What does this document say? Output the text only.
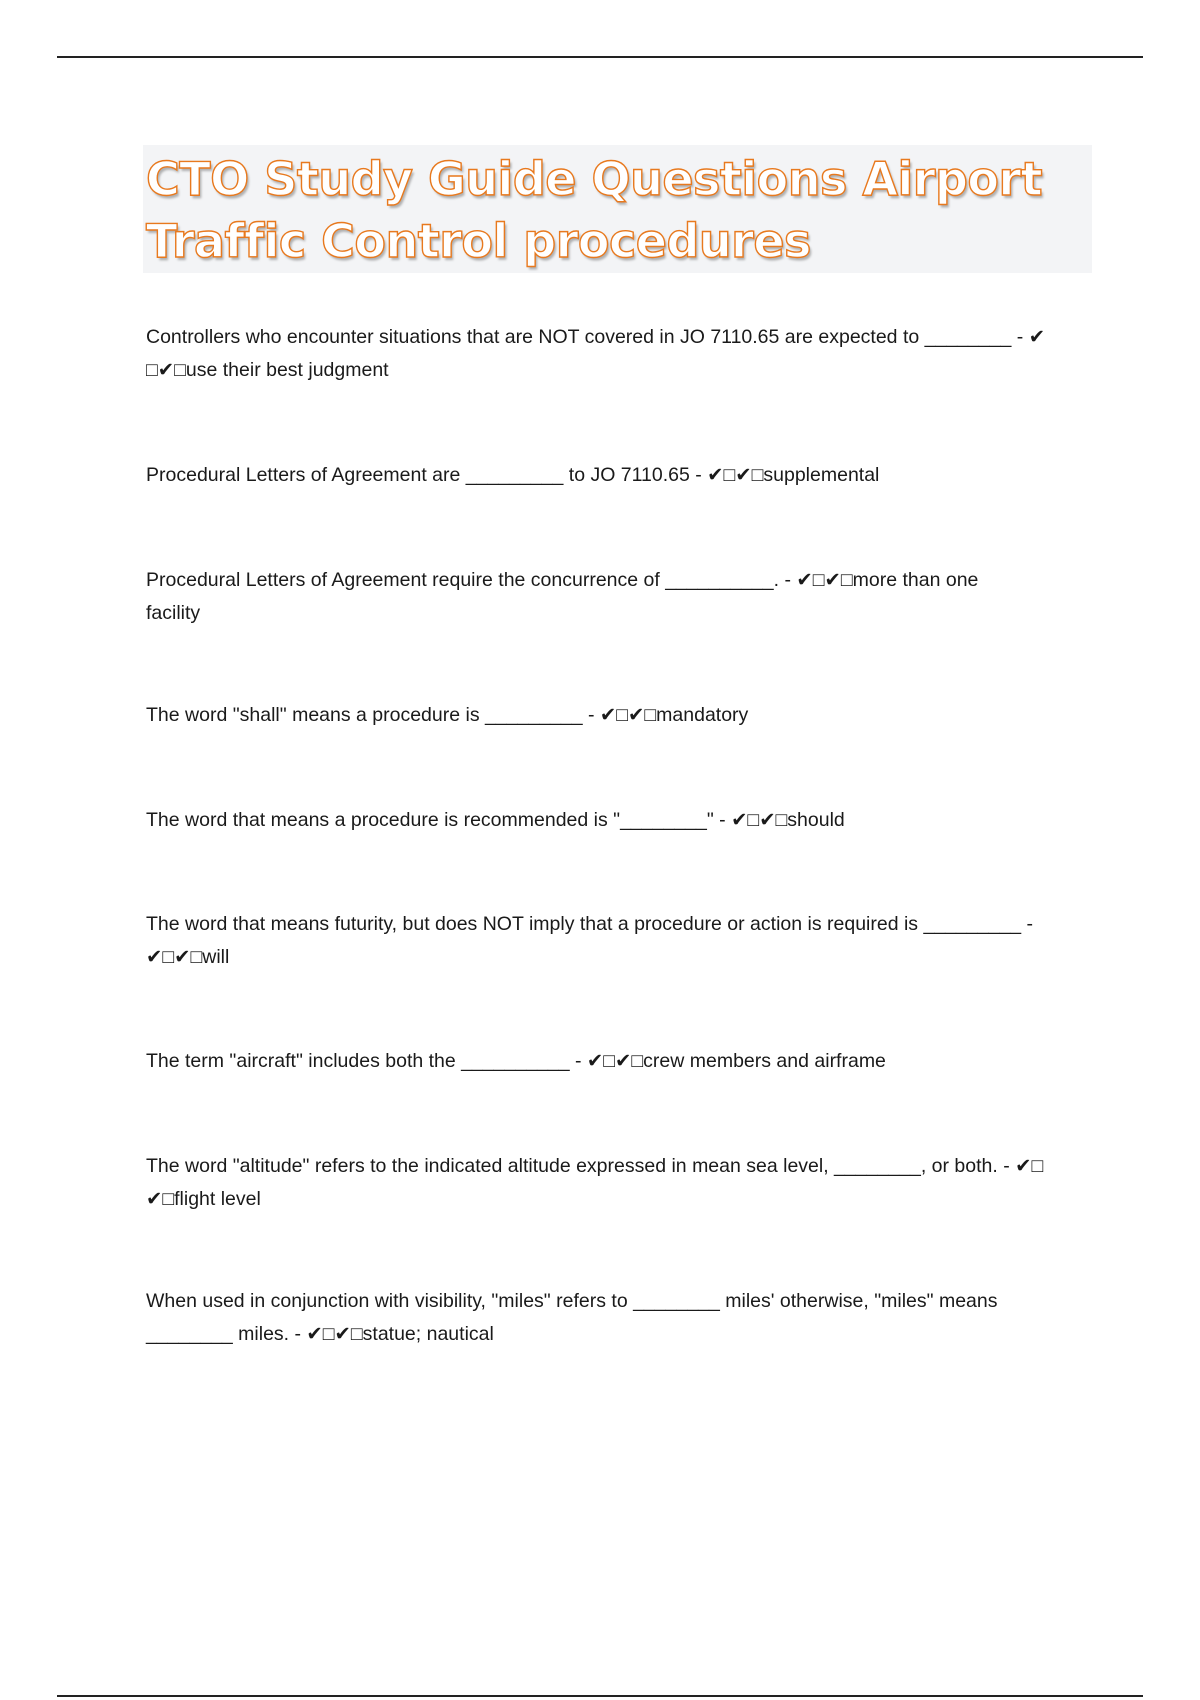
CTO Study Guide Questions Airport Traffic Control procedures
Controllers who encounter situations that are NOT covered in JO 7110.65 are expected to ________ - ✔
□✔□use their best judgment
Procedural Letters of Agreement are _________ to JO 7110.65 - ✔□✔□supplemental
Procedural Letters of Agreement require the concurrence of __________. - ✔□✔□more than one
facility
The word "shall" means a procedure is _________ - ✔□✔□mandatory
The word that means a procedure is recommended is "________" - ✔□✔□should
The word that means futurity, but does NOT imply that a procedure or action is required is _________ -
✔□✔□will
The term "aircraft" includes both the __________ - ✔□✔□crew members and airframe
The word "altitude" refers to the indicated altitude expressed in mean sea level, ________, or both. - ✔□
✔□flight level
When used in conjunction with visibility, "miles" refers to ________ miles' otherwise, "miles" means
________ miles. - ✔□✔□statue; nautical
